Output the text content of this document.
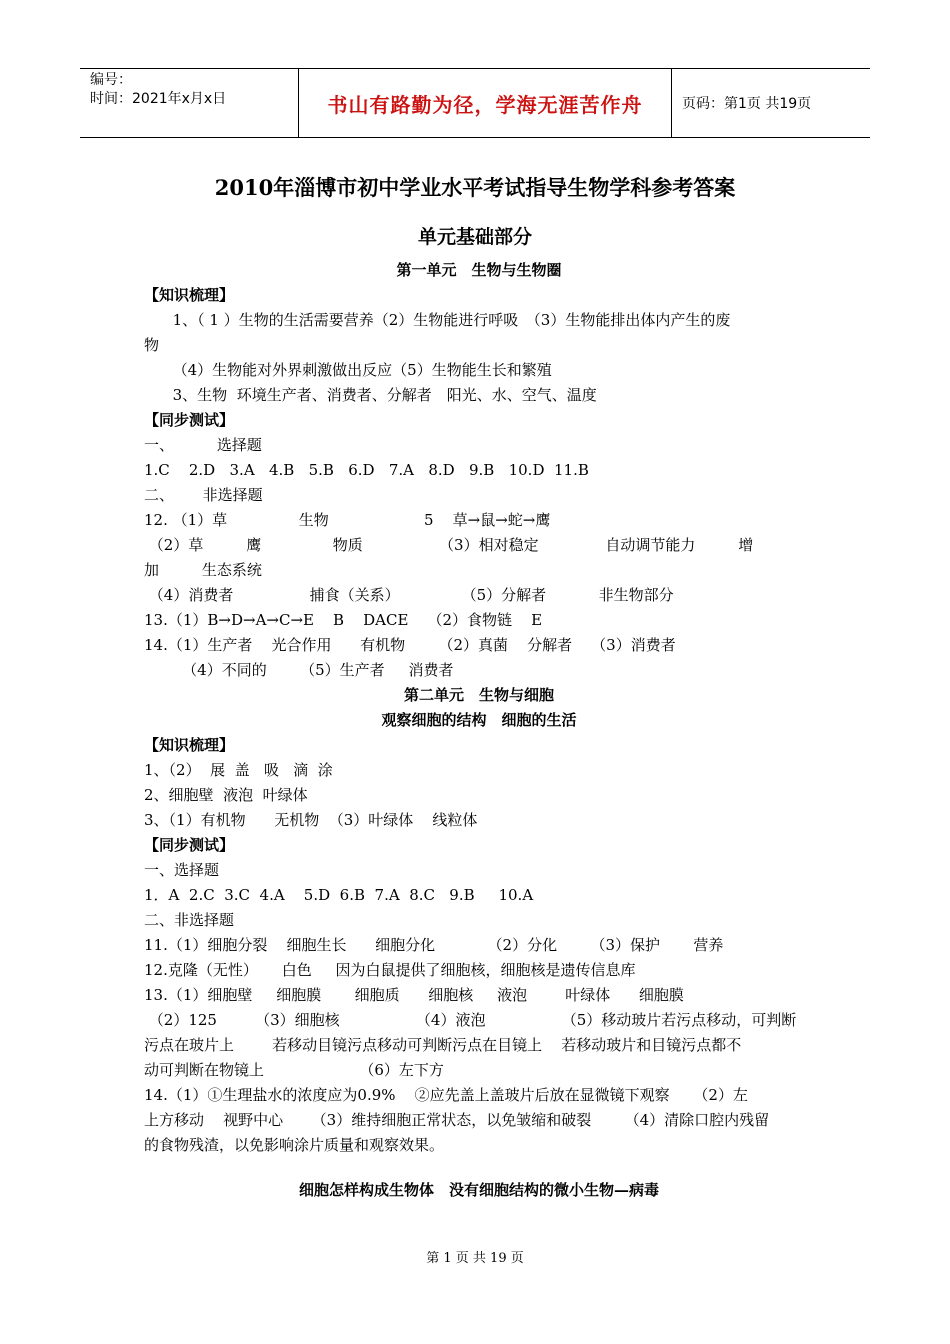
编号：
时间：2021年x月x日	书山有路勤为径，学海无涯苦作舟	页码：第1页 共19页
2010年淄博市初中学业水平考试指导生物学科参考答案
单元基础部分

第一单元　生物与生物圈

【知识梳理】

1、（ 1 ）生物的生活需要营养（2）生物能进行呼吸　（3）生物能排出体内产生的废

物

（4）生物能对外界刺激做出反应（5）生物能生长和繁殖

3、生物  环境生产者、消费者、分解者　阳光、水、空气、温度

【同步测试】

一、         选择题

1.C    2.D   3.A   4.B   5.B   6.D   7.A   8.D   9.B   10.D  11.B

二、      非选择题

12. （1）草               生物                    5    草→鼠→蛇→鹰

（2）草         鹰               物质                （3）相对稳定              自动调节能力         增

加         生态系统

（4）消费者                捕食（关系）             （5）分解者           非生物部分

13.（1）B→D→A→C→E    B    DACE    （2）食物链    E

14.（1）生产者    光合作用      有机物       （2）真菌    分解者    （3）消费者

（4）不同的       （5）生产者     消费者

第二单元　生物与细胞

观察细胞的结构　细胞的生活

【知识梳理】

1、（2）  展  盖   吸   滴  涂

2、细胞壁  液泡  叶绿体

3、（1）有机物      无机物  （3）叶绿体    线粒体

【同步测试】

一、选择题

1．A  2.C  3.C  4.A    5.D  6.B  7.A  8.C   9.B     10.A

二、非选择题

11.（1）细胞分裂    细胞生长      细胞分化           （2）分化       （3）保护       营养

12.克隆（无性）     白色     因为白鼠提供了细胞核，细胞核是遗传信息库

13.（1）细胞壁     细胞膜       细胞质      细胞核     液泡        叶绿体      细胞膜

（2）125        （3）细胞核                （4）液泡                （5）移动玻片若污点移动，可判断

污点在玻片上        若移动目镜污点移动可判断污点在目镜上    若移动玻片和目镜污点都不

动可判断在物镜上                    （6）左下方

14.（1）①生理盐水的浓度应为0.9%    ②应先盖上盖玻片后放在显微镜下观察     （2）左

上方移动    视野中心      （3）维持细胞正常状态，以免皱缩和破裂       （4）清除口腔内残留

的食物残渣，以免影响涂片质量和观察效果。

细胞怎样构成生物体　没有细胞结构的微小生物—病毒

第 1 页 共 19 页
